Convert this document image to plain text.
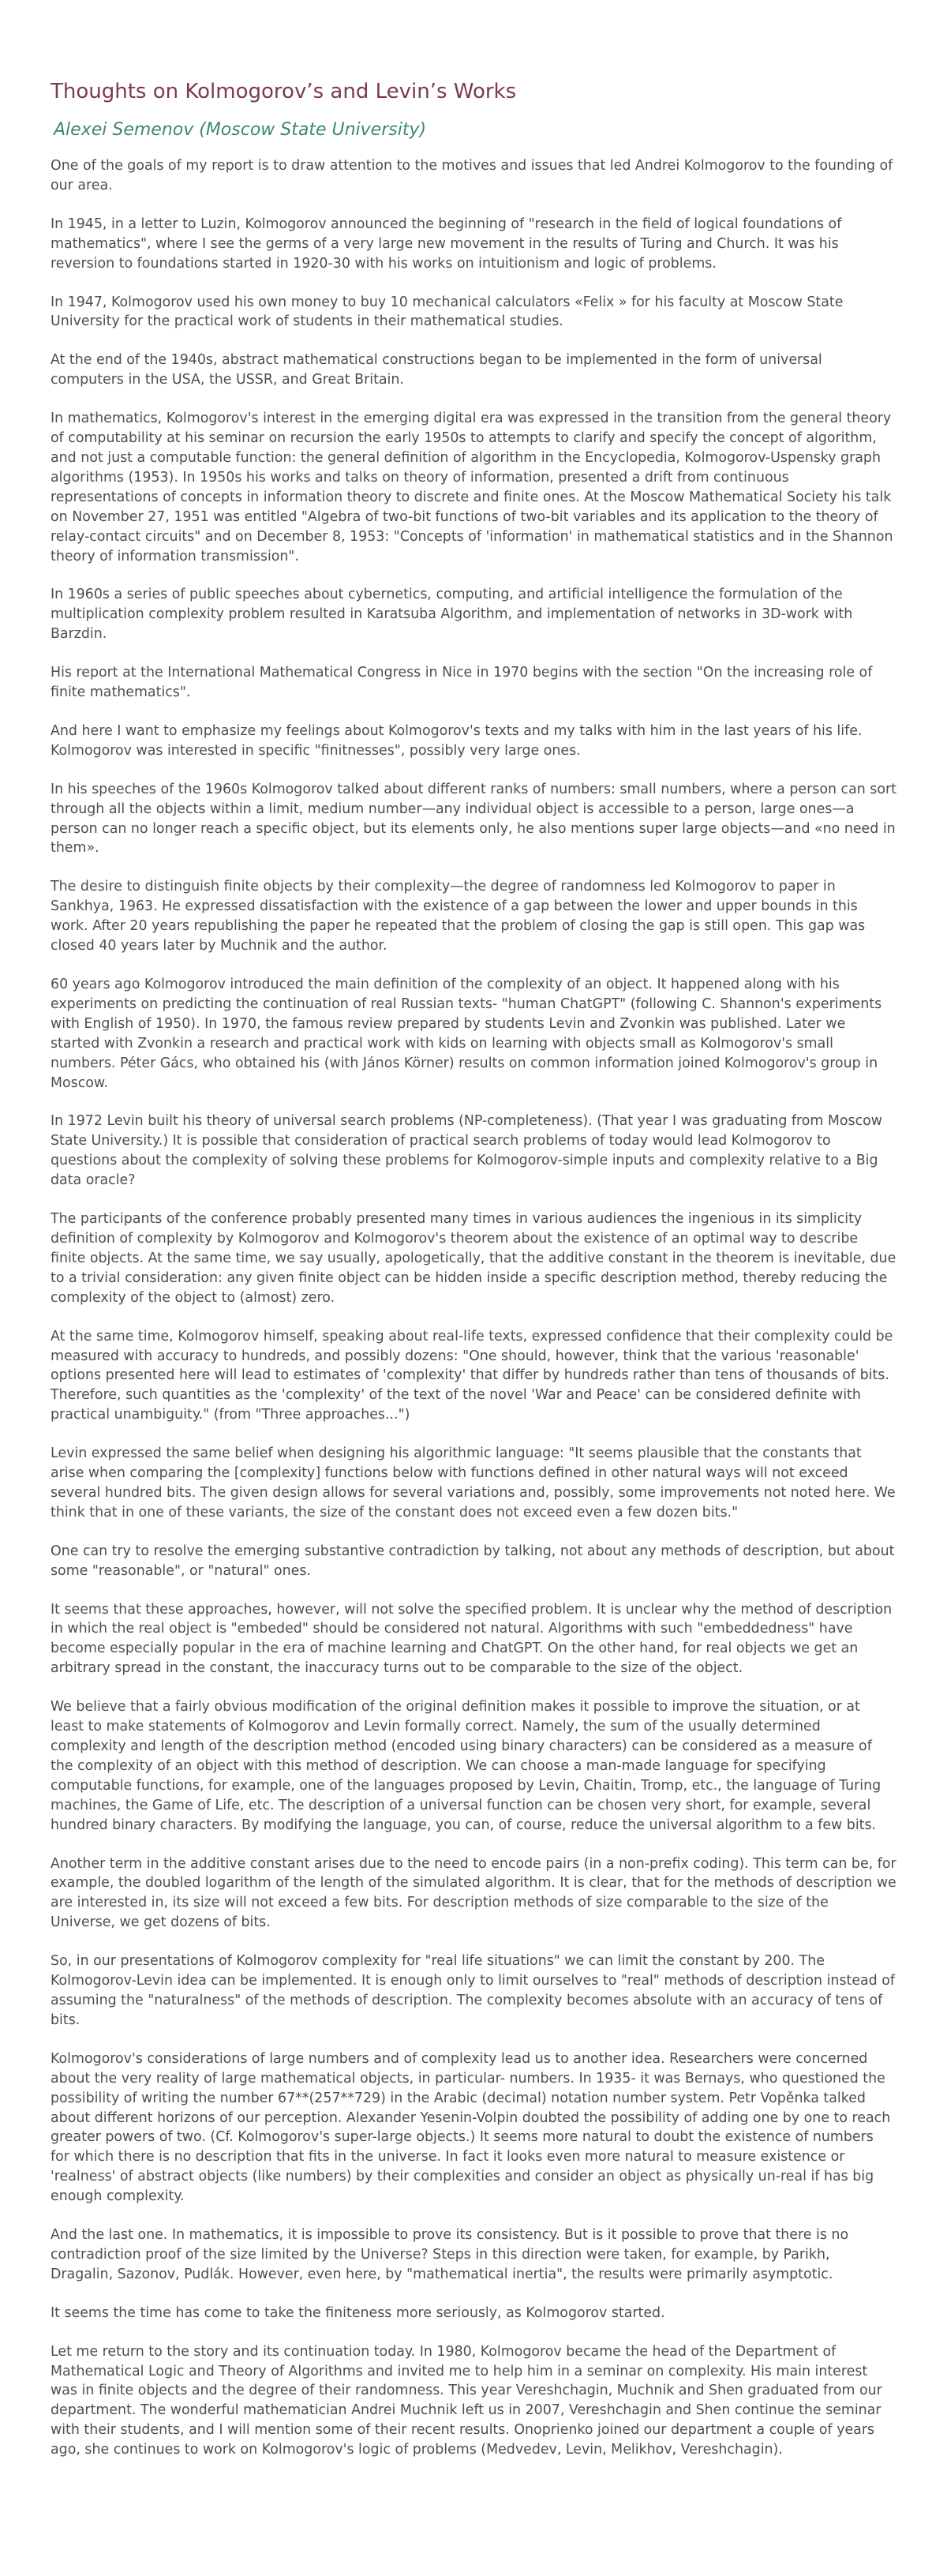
Thoughts on Kolmogorov’s and Levin’s Works
Alexei Semenov (Moscow State University)

One of the goals of my report is to draw attention to the motives and issues that led Andrei Kolmogorov to the founding of our area.

In 1945, in a letter to Luzin, Kolmogorov announced the beginning of "research in the field of logical foundations of mathematics", where I see the germs of a very large new movement in the results of Turing and Church. It was his reversion to foundations started in 1920-30 with his works on intuitionism and logic of problems.

In 1947, Kolmogorov used his own money to buy 10 mechanical calculators «Felix » for his faculty at Moscow State University for the practical work of students in their mathematical studies.

At the end of the 1940s, abstract mathematical constructions began to be implemented in the form of universal computers in the USA, the USSR, and Great Britain.

In mathematics, Kolmogorov's interest in the emerging digital era was expressed in the transition from the general theory of computability at his seminar on recursion the early 1950s to attempts to clarify and specify the concept of algorithm, and not just a computable function: the general definition of algorithm in the Encyclopedia, Kolmogorov-Uspensky graph algorithms (1953). In 1950s his works and talks on theory of information, presented a drift from continuous representations of concepts in information theory to discrete and finite ones. At the Moscow Mathematical Society his talk on November 27, 1951 was entitled "Algebra of two-bit functions of two-bit variables and its application to the theory of relay-contact circuits" and on December 8, 1953: "Concepts of 'information' in mathematical statistics and in the Shannon theory of information transmission".

In 1960s a series of public speeches about cybernetics, computing, and artificial intelligence the formulation of the multiplication complexity problem resulted in Karatsuba Algorithm, and implementation of networks in 3D-work with Barzdin.

His report at the International Mathematical Congress in Nice in 1970 begins with the section "On the increasing role of finite mathematics".

And here I want to emphasize my feelings about Kolmogorov's texts and my talks with him in the last years of his life. Kolmogorov was interested in specific "finitnesses", possibly very large ones.

In his speeches of the 1960s Kolmogorov talked about different ranks of numbers: small numbers, where a person can sort through all the objects within a limit, medium number—any individual object is accessible to a person, large ones—a person can no longer reach a specific object, but its elements only, he also mentions super large objects—and «no need in them».

The desire to distinguish finite objects by their complexity—the degree of randomness led Kolmogorov to paper in Sankhya, 1963. He expressed dissatisfaction with the existence of a gap between the lower and upper bounds in this work. After 20 years republishing the paper he repeated that the problem of closing the gap is still open. This gap was closed 40 years later by Muchnik and the author.

60 years ago Kolmogorov introduced the main definition of the complexity of an object. It happened along with his experiments on predicting the continuation of real Russian texts- "human ChatGPT" (following C. Shannon's experiments with English of 1950). In 1970, the famous review prepared by students Levin and Zvonkin was published. Later we started with Zvonkin a research and practical work with kids on learning with objects small as Kolmogorov's small numbers. Péter Gács, who obtained his (with János Körner) results on common information joined Kolmogorov's group in Moscow.

In 1972 Levin built his theory of universal search problems (NP-completeness). (That year I was graduating from Moscow State University.) It is possible that consideration of practical search problems of today would lead Kolmogorov to questions about the complexity of solving these problems for Kolmogorov-simple inputs and complexity relative to a Big data oracle?

The participants of the conference probably presented many times in various audiences the ingenious in its simplicity definition of complexity by Kolmogorov and Kolmogorov's theorem about the existence of an optimal way to describe finite objects. At the same time, we say usually, apologetically, that the additive constant in the theorem is inevitable, due to a trivial consideration: any given finite object can be hidden inside a specific description method, thereby reducing the complexity of the object to (almost) zero.

At the same time, Kolmogorov himself, speaking about real-life texts, expressed confidence that their complexity could be measured with accuracy to hundreds, and possibly dozens: "One should, however, think that the various 'reasonable' options presented here will lead to estimates of 'complexity' that differ by hundreds rather than tens of thousands of bits. Therefore, such quantities as the 'complexity' of the text of the novel 'War and Peace' can be considered definite with practical unambiguity." (from "Three approaches...")

Levin expressed the same belief when designing his algorithmic language: "It seems plausible that the constants that arise when comparing the [complexity] functions below with functions defined in other natural ways will not exceed several hundred bits. The given design allows for several variations and, possibly, some improvements not noted here. We think that in one of these variants, the size of the constant does not exceed even a few dozen bits."

One can try to resolve the emerging substantive contradiction by talking, not about any methods of description, but about some "reasonable", or "natural" ones.

It seems that these approaches, however, will not solve the specified problem. It is unclear why the method of description in which the real object is "embeded" should be considered not natural. Algorithms with such "embeddedness" have become especially popular in the era of machine learning and ChatGPT. On the other hand, for real objects we get an arbitrary spread in the constant, the inaccuracy turns out to be comparable to the size of the object.

We believe that a fairly obvious modification of the original definition makes it possible to improve the situation, or at least to make statements of Kolmogorov and Levin formally correct. Namely, the sum of the usually determined complexity and length of the description method (encoded using binary characters) can be considered as a measure of the complexity of an object with this method of description. We can choose a man-made language for specifying computable functions, for example, one of the languages proposed by Levin, Chaitin, Tromp, etc., the language of Turing machines, the Game of Life, etc. The description of a universal function can be chosen very short, for example, several hundred binary characters. By modifying the language, you can, of course, reduce the universal algorithm to a few bits.

Another term in the additive constant arises due to the need to encode pairs (in a non-prefix coding). This term can be, for example, the doubled logarithm of the length of the simulated algorithm. It is clear, that for the methods of description we are interested in, its size will not exceed a few bits. For description methods of size comparable to the size of the Universe, we get dozens of bits.

So, in our presentations of Kolmogorov complexity for "real life situations" we can limit the constant by 200. The Kolmogorov-Levin idea can be implemented. It is enough only to limit ourselves to "real" methods of description instead of assuming the "naturalness" of the methods of description. The complexity becomes absolute with an accuracy of tens of bits.

Kolmogorov's considerations of large numbers and of complexity lead us to another idea. Researchers were concerned about the very reality of large mathematical objects, in particular- numbers. In 1935- it was Bernays, who questioned the possibility of writing the number 67**(257**729) in the Arabic (decimal) notation number system. Petr Vopěnka talked about different horizons of our perception. Alexander Yesenin-Volpin doubted the possibility of adding one by one to reach greater powers of two. (Cf. Kolmogorov's super-large objects.) It seems more natural to doubt the existence of numbers for which there is no description that fits in the universe. In fact it looks even more natural to measure existence or 'realness' of abstract objects (like numbers) by their complexities and consider an object as physically un-real if has big enough complexity.

And the last one. In mathematics, it is impossible to prove its consistency. But is it possible to prove that there is no contradiction proof of the size limited by the Universe? Steps in this direction were taken, for example, by Parikh, Dragalin, Sazonov, Pudlák. However, even here, by "mathematical inertia", the results were primarily asymptotic.

It seems the time has come to take the finiteness more seriously, as Kolmogorov started.

Let me return to the story and its continuation today. In 1980, Kolmogorov became the head of the Department of Mathematical Logic and Theory of Algorithms and invited me to help him in a seminar on complexity. His main interest was in finite objects and the degree of their randomness. This year Vereshchagin, Muchnik and Shen graduated from our department. The wonderful mathematician Andrei Muchnik left us in 2007, Vereshchagin and Shen continue the seminar with their students, and I will mention some of their recent results. Onoprienko joined our department a couple of years ago, she continues to work on Kolmogorov's logic of problems (Medvedev, Levin, Melikhov, Vereshchagin).
